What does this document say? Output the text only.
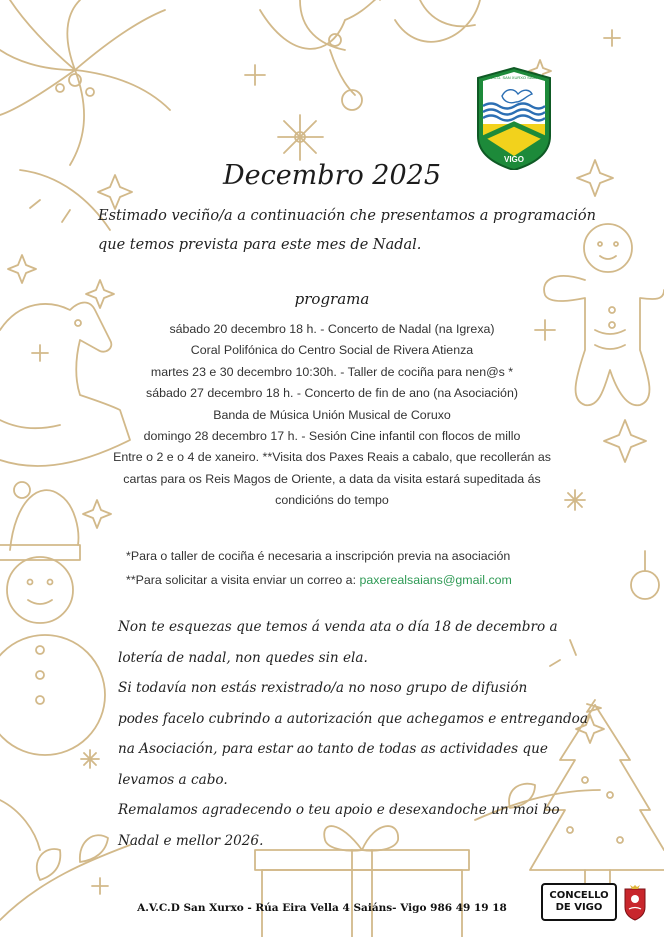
VIGO
A.V.C.D. SAN XURXO SAIÁNS
Decembro 2025
Estimado veciño/a a continuación che presentamos a programación
que temos prevista para este mes de Nadal.
programa
sábado 20 decembro 18 h. - Concerto de Nadal (na Igrexa)
Coral Polifónica do Centro Social de Rivera Atienza
martes 23 e 30 decembro 10:30h. - Taller de cociña para nen@s *
sábado 27 decembro 18 h. - Concerto de fin de ano (na Asociación)
Banda de Música Unión Musical de Coruxo
domingo 28 decembro 17 h. - Sesión Cine infantil con flocos de millo
Entre o 2 e o 4 de xaneiro. **Visita dos Paxes Reais a cabalo, que recollerán as
cartas para os Reis Magos de Oriente, a data da visita estará supeditada ás
condicións do tempo
*Para o taller de cociña é necesaria a inscripción previa na asociación
**Para solicitar a visita enviar un correo a: paxerealsaians@gmail.com
Non te esquezas que temos á venda ata o día 18 de decembro a
lotería de nadal, non quedes sin ela.
Si todavía non estás rexistrado/a no noso grupo de difusión
podes facelo cubrindo a autorización que achegamos e entregandoa
na Asociación, para estar ao tanto de todas as actividades que
levamos a cabo.
Remalamos agradecendo o teu apoio e desexandoche un moi bo
Nadal e mellor 2026.
A.V.C.D San Xurxo - Rúa Eira Vella 4 Saiáns- Vigo 986 49 19 18
CONCELLO
DE VIGO
